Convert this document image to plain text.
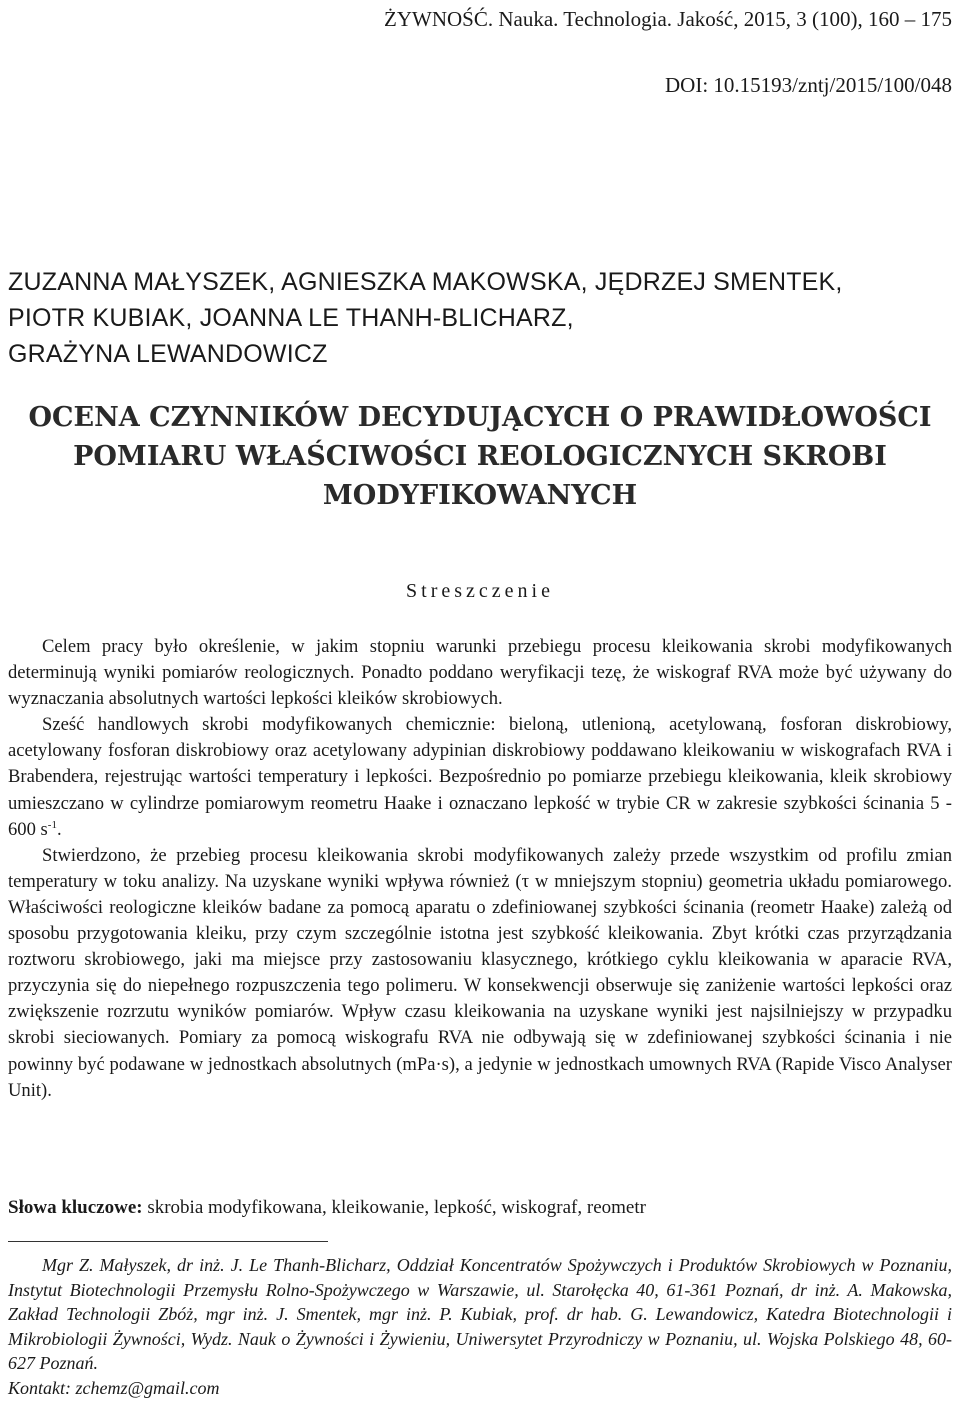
ŻYWNOŚĆ. Nauka. Technologia. Jakość, 2015, 3 (100), 160 – 175
DOI: 10.15193/zntj/2015/100/048
ZUZANNA MAŁYSZEK, AGNIESZKA MAKOWSKA, JĘDRZEJ SMENTEK,
PIOTR KUBIAK, JOANNA LE THANH-BLICHARZ,
GRAŻYNA LEWANDOWICZ
OCENA CZYNNIKÓW DECYDUJĄCYCH O PRAWIDŁOWOŚCI
POMIARU WŁAŚCIWOŚCI REOLOGICZNYCH SKROBI
MODYFIKOWANYCH
Streszczenie

Celem pracy było określenie, w jakim stopniu warunki przebiegu procesu kleikowania skrobi modyfikowanych determinują wyniki pomiarów reologicznych. Ponadto poddano weryfikacji tezę, że wiskograf RVA może być używany do wyznaczania absolutnych wartości lepkości kleików skrobiowych.

Sześć handlowych skrobi modyfikowanych chemicznie: bieloną, utlenioną, acetylowaną, fosforan diskrobiowy, acetylowany fosforan diskrobiowy oraz acetylowany adypinian diskrobiowy poddawano kleikowaniu w wiskografach RVA i Brabendera, rejestrując wartości temperatury i lepkości. Bezpośrednio po pomiarze przebiegu kleikowania, kleik skrobiowy umieszczano w cylindrze pomiarowym reometru Haake i oznaczano lepkość w trybie CR w zakresie szybkości ścinania 5 - 600 $s^{-1}$.

Stwierdzono, że przebieg procesu kleikowania skrobi modyfikowanych zależy przede wszystkim od profilu zmian temperatury w toku analizy. Na uzyskane wyniki wpływa również (τ w mniejszym stopniu) geometria układu pomiarowego. Właściwości reologiczne kleików badane za pomocą aparatu o zdefiniowanej szybkości ścinania (reometr Haake) zależą od sposobu przygotowania kleiku, przy czym szczególnie istotna jest szybkość kleikowania. Zbyt krótki czas przyrządzania roztworu skrobiowego, jaki ma miejsce przy zastosowaniu klasycznego, krótkiego cyklu kleikowania w aparacie RVA, przyczynia się do niepełnego rozpuszczenia tego polimeru. W konsekwencji obserwuje się zaniżenie wartości lepkości oraz zwiększenie rozrzutu wyników pomiarów. Wpływ czasu kleikowania na uzyskane wyniki jest najsilniejszy w przypadku skrobi sieciowanych. Pomiary za pomocą wiskografu RVA nie odbywają się w zdefiniowanej szybkości ścinania i nie powinny być podawane w jednostkach absolutnych (mPa·s), a jedynie w jednostkach umownych RVA (Rapide Visco Analyser Unit).

Słowa kluczowe: skrobia modyfikowana, kleikowanie, lepkość, wiskograf, reometr
Mgr Z. Małyszek, dr inż. J. Le Thanh-Blicharz, Oddział Koncentratów Spożywczych i Produktów Skrobiowych w Poznaniu, Instytut Biotechnologii Przemysłu Rolno-Spożywczego w Warszawie, ul. Starołęcka 40, 61-361 Poznań, dr inż. A. Makowska, Zakład Technologii Zbóż, mgr inż. J. Smentek, mgr inż. P. Kubiak, prof. dr hab. G. Lewandowicz, Katedra Biotechnologii i Mikrobiologii Żywności, Wydz. Nauk o Żywności i Żywieniu, Uniwersytet Przyrodniczy w Poznaniu, ul. Wojska Polskiego 48, 60-627 Poznań.
Kontakt: zchemz@gmail.com
